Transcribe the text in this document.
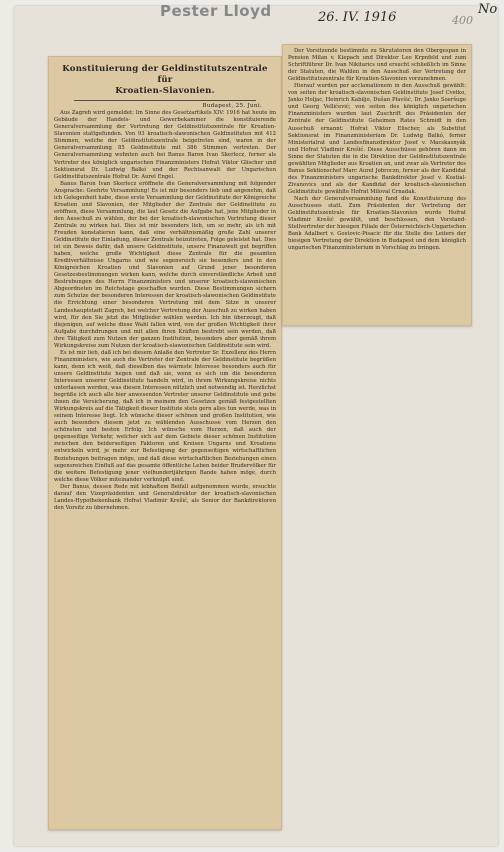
Pester Lloyd	26. IV. 1916	400
No
Konstituierung der Geldinstitutszentrale für
Kroatien-Slavonien.
Budapest, 25. Juni.

Aus Zagreb wird gemeldet: Im Sinne des Gesetzartikels XIV: 1916 hat heute im Gebäude der Handels- und Gewerbekammer die konstituierende Generalversammlung der Vertretung der Geldinstitutszentrale für Kroatien-Slavonien stattgefunden. Von 93 kroatisch-slawonischen Geldinstituten mit 412 Stimmen, welche der Geldinstitutszentrale beigetreten sind, waren in der Generalversammlung 85 Geldinstitute mit 386 Stimmen vertreten. Der Generalversammlung wohnten auch bei Banus Baron Ivan Skerlecz, ferner als Vertreter des königlich ungarischen Finanzministers Hofrat Viktor Glischer und Sektionsrat Dr. Ludwig Balkó und der Rechtsanwalt der Ungarischen Geldinstitutszentrale Hofrat Dr. Aurel Engel.

Banus Baron Ivan Skerlecz eröffnete die Generalversammlung mit folgender Ansprache: Geehrte Versammlung! Es ist mir besonders lieb und angenehm, daß ich Gelegenheit habe, diese erste Versammlung der Geldinstitute der Königreiche Kroatien und Slavonien, der Mitglieder der Zentrale der Geldinstitute zu eröffnen, diese Versammlung, die laut Gesetz die Aufgabe hat, jene Mitglieder in den Ausschuß zu wählen, der bei der kroatisch-slawonischen Vertretung dieser Zentrale zu wirken hat. Dies ist mir besonders lieb, um so mehr, als ich mit Freuden konstatieren kann, daß eine verhältnismäßig große Zahl unserer Geldinstitute der Einladung, dieser Zentrale beizutreten, Folge geleistet hat. Dies ist ein Beweis dafür, daß unsere Geldinstitute, unsere Finanzwelt gut begriffen haben, welche große Wichtigkeit diese Zentrale für die gesamten Kreditverhältnisse Ungarns und wie segensreich sie besonders und in den Königreichen Kroatien und Slavonien auf Grund jener besonderen Gesetzesbestimmungen wirken kann, welche durch einverständliche Arbeit und Bestrebungen des Herrn Finanzministers und unserer kroatisch-slawonischen Abgeordneten im Reichstage geschaffen wurden. Diese Bestimmungen sichern zum Schutze der besonderen Interessen der kroatisch-slawonischen Geldinstitute die Errichtung einer besonderen Vertretung mit dem Sitze in unserer Landeshauptstadt Zagreb, bei welcher Vertretung der Ausschuß zu wirken haben wird, für den Sie jetzt die Mitglieder wählen werden. Ich bin überzeugt, daß diejenigen, auf welche diese Wahl fallen wird, von der großen Wichtigkeit ihrer Aufgabe durchdrungen und mit allen ihren Kräften bestrebt sein werden, daß ihre Tätigkeit zum Nutzen der ganzen Institution, besonders aber gemäß ihrem Wirkungskreise zum Nutzen der kroatisch-slawonischen Geldinstitute sein wird.

Es ist mir lieb, daß ich bei diesem Anlaße den Vertreter Sr. Exzellenz des Herrn Finanzministers, wie auch die Vertreter der Zentrale der Geldinstitute begrüßen kann, denn ich weiß, daß dieselben das wärmste Interesse besonders auch für unsere Geldinstitute hegen und daß sie, wenn es sich um die besonderen Interessen unserer Geldinstitute handeln wird, in ihrem Wirkungskreise nichts unterlassen werden, was diesen Interessen nützlich und notwendig ist. Herzlichst begrüße ich auch alle hier anwesenden Vertreter unserer Geldinstitute und gebe ihnen die Versicherung, daß ich in meinem den Gesetzen gemäß festgestellten Wirkungskreis auf die Tätigkeit dieser Institute stets gern alles tun werde, was in seinem Interesse liegt. Ich wünsche dieser schönen und großen Institution, wie auch besonders diesem jetzt zu wählenden Ausschusse vom Herzen den schönsten und besten Erfolg. Ich wünsche vom Herzen, daß auch der gegenseitige Verkehr, welcher sich auf dem Gebiete dieser schönen Institution zwischen den beiderseitigen Faktoren und Kreisen Ungarns und Kroatiens entwickeln wird, je mehr zur Befestigung der gegenseitigen wirtschaftlichen Beziehungen beitragen möge, und daß diese wirtschaftlichen Beziehungen einen segensreichen Einfluß auf das gesamte öffentliche Leben beider Brudervölker für die weitere Befestigung jener vielhundertjährigen Bande haben möge, durch welche diese Völker miteinander verknüpft sind.

Der Banus, dessen Rede mit lebhaftem Beifall aufgenommen wurde, ersuchte darauf den Vizepräsidenten und Generaldirektor der kroatisch-slavonischen Landes-Hypothekenbank Hofrat Vladimir Krešić, als Senior der Bankdirektoren den Vorsitz zu übernehmen.

Der Vorsitzende bestimmte zu Skrutatoren den Obergespan in Pension Milan v. Kiepach und Direktor Leo Krpnfeld und zum Schriftführer Dr. Ivan Nikitarics und ersucht schließlich im Sinne der Statuten, die Wahlen in den Ausschuß der Vertretung der Geldinstitutszentrale für Kroatien-Slavonien vorzunehmen.

Hierauf wurden per acclamationem in den Ausschuß gewählt: von seiten der kroatisch-slavonischen Geldinstitute Josef Cvetko, Janko Holjac, Heinrich Kabiljo, Dušan Plavšić, Dr. Janko Soeršuge und Georg Vellićević; von seiten des königlich ungarischen Finanzministers wurden laut Zuschrift des Präsidenten der Zentrale der Geldinstitute Geheimen Rates Schmidt in den Ausschuß ernannt: Hofrat Viktor Elischer, als Substitut Sektionsrat im Finanzministerium Dr. Ludwig Balkó, ferner Ministerialrat und Landesfinanzdirektor Josef v. Macskasnyák und Hofrat Vladimir Krešić. Diese Ausschüsse gehören dann im Sinne der Statuten die in die Direktion der Geldinstitutszentrale gewählten Mitglieder aus Kroatien an, und zwar als Vertreter des Banus Sektionschef Marc Aurel Jobroczn, ferner als der Kandidat des Finanzministers ungarische Bankdirektor Josef v. Kostial-Zivanovics und als der Kandidat der kroatisch-slavonischen Geldinstitute gewählte Hofrat Miloval Crnadak.

Nach der Generalversammlung fand die Konstituierung des Ausschusses statt. Zum Präsidenten der Vertretung der Geldinstitutszentrale für Kroatien-Slavonien wurde Hofrat Vladimir Krešić gewählt, und beschlossen, den Vorstand-Stellvertreter der hiesigen Filiale der Österreichisch-Ungarischen Bank Adalbert v. Gostovic-Pisacic für die Stelle des Leiters der hiesigen Vertretung der Direktion in Budapest und dem königlich ungarischen Finanzministerium in Vorschlag zu bringen.
